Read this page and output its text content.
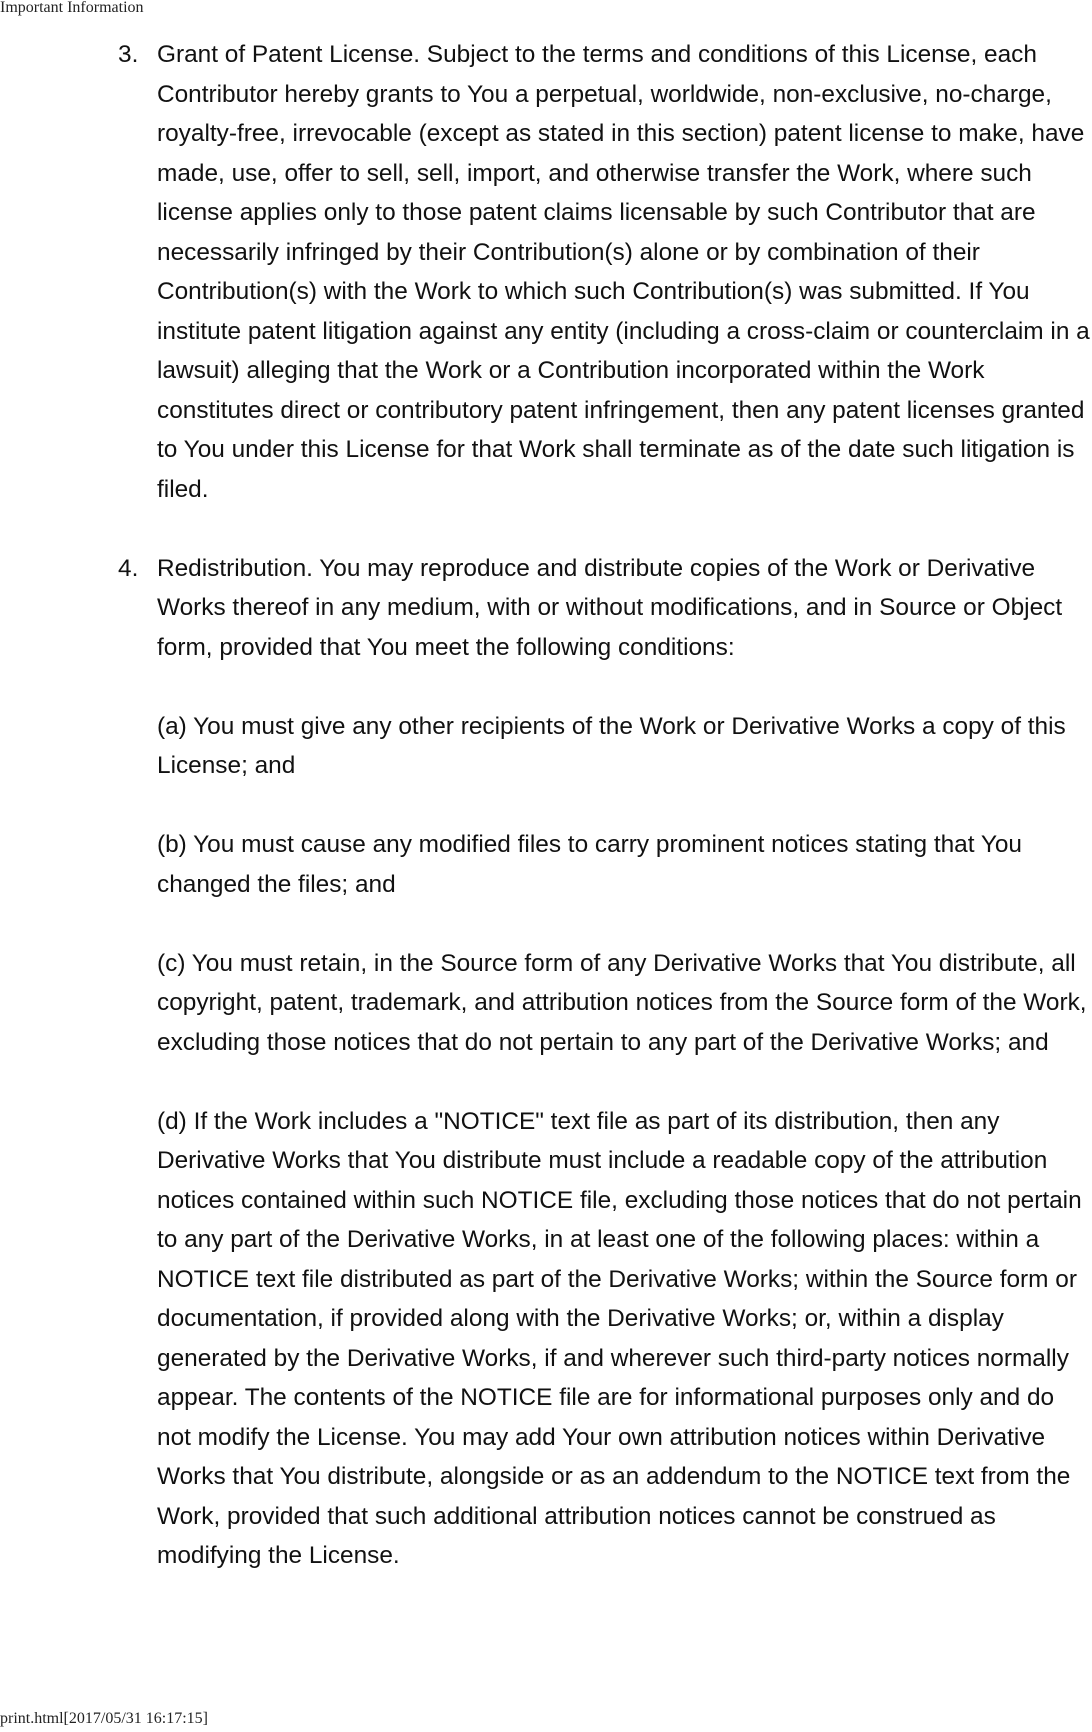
Important Information
3. Grant of Patent License. Subject to the terms and conditions of this License, each Contributor hereby grants to You a perpetual, worldwide, non-exclusive, no-charge, royalty-free, irrevocable (except as stated in this section) patent license to make, have made, use, offer to sell, sell, import, and otherwise transfer the Work, where such license applies only to those patent claims licensable by such Contributor that are necessarily infringed by their Contribution(s) alone or by combination of their Contribution(s) with the Work to which such Contribution(s) was submitted. If You institute patent litigation against any entity (including a cross-claim or counterclaim in a lawsuit) alleging that the Work or a Contribution incorporated within the Work constitutes direct or contributory patent infringement, then any patent licenses granted to You under this License for that Work shall terminate as of the date such litigation is filed.

4. Redistribution. You may reproduce and distribute copies of the Work or Derivative Works thereof in any medium, with or without modifications, and in Source or Object form, provided that You meet the following conditions:

(a) You must give any other recipients of the Work or Derivative Works a copy of this License; and

(b) You must cause any modified files to carry prominent notices stating that You changed the files; and

(c) You must retain, in the Source form of any Derivative Works that You distribute, all copyright, patent, trademark, and attribution notices from the Source form of the Work, excluding those notices that do not pertain to any part of the Derivative Works; and

(d) If the Work includes a "NOTICE" text file as part of its distribution, then any Derivative Works that You distribute must include a readable copy of the attribution notices contained within such NOTICE file, excluding those notices that do not pertain to any part of the Derivative Works, in at least one of the following places: within a NOTICE text file distributed as part of the Derivative Works; within the Source form or documentation, if provided along with the Derivative Works; or, within a display generated by the Derivative Works, if and wherever such third-party notices normally appear. The contents of the NOTICE file are for informational purposes only and do not modify the License. You may add Your own attribution notices within Derivative Works that You distribute, alongside or as an addendum to the NOTICE text from the Work, provided that such additional attribution notices cannot be construed as modifying the License.

print.html[2017/05/31 16:17:15]
